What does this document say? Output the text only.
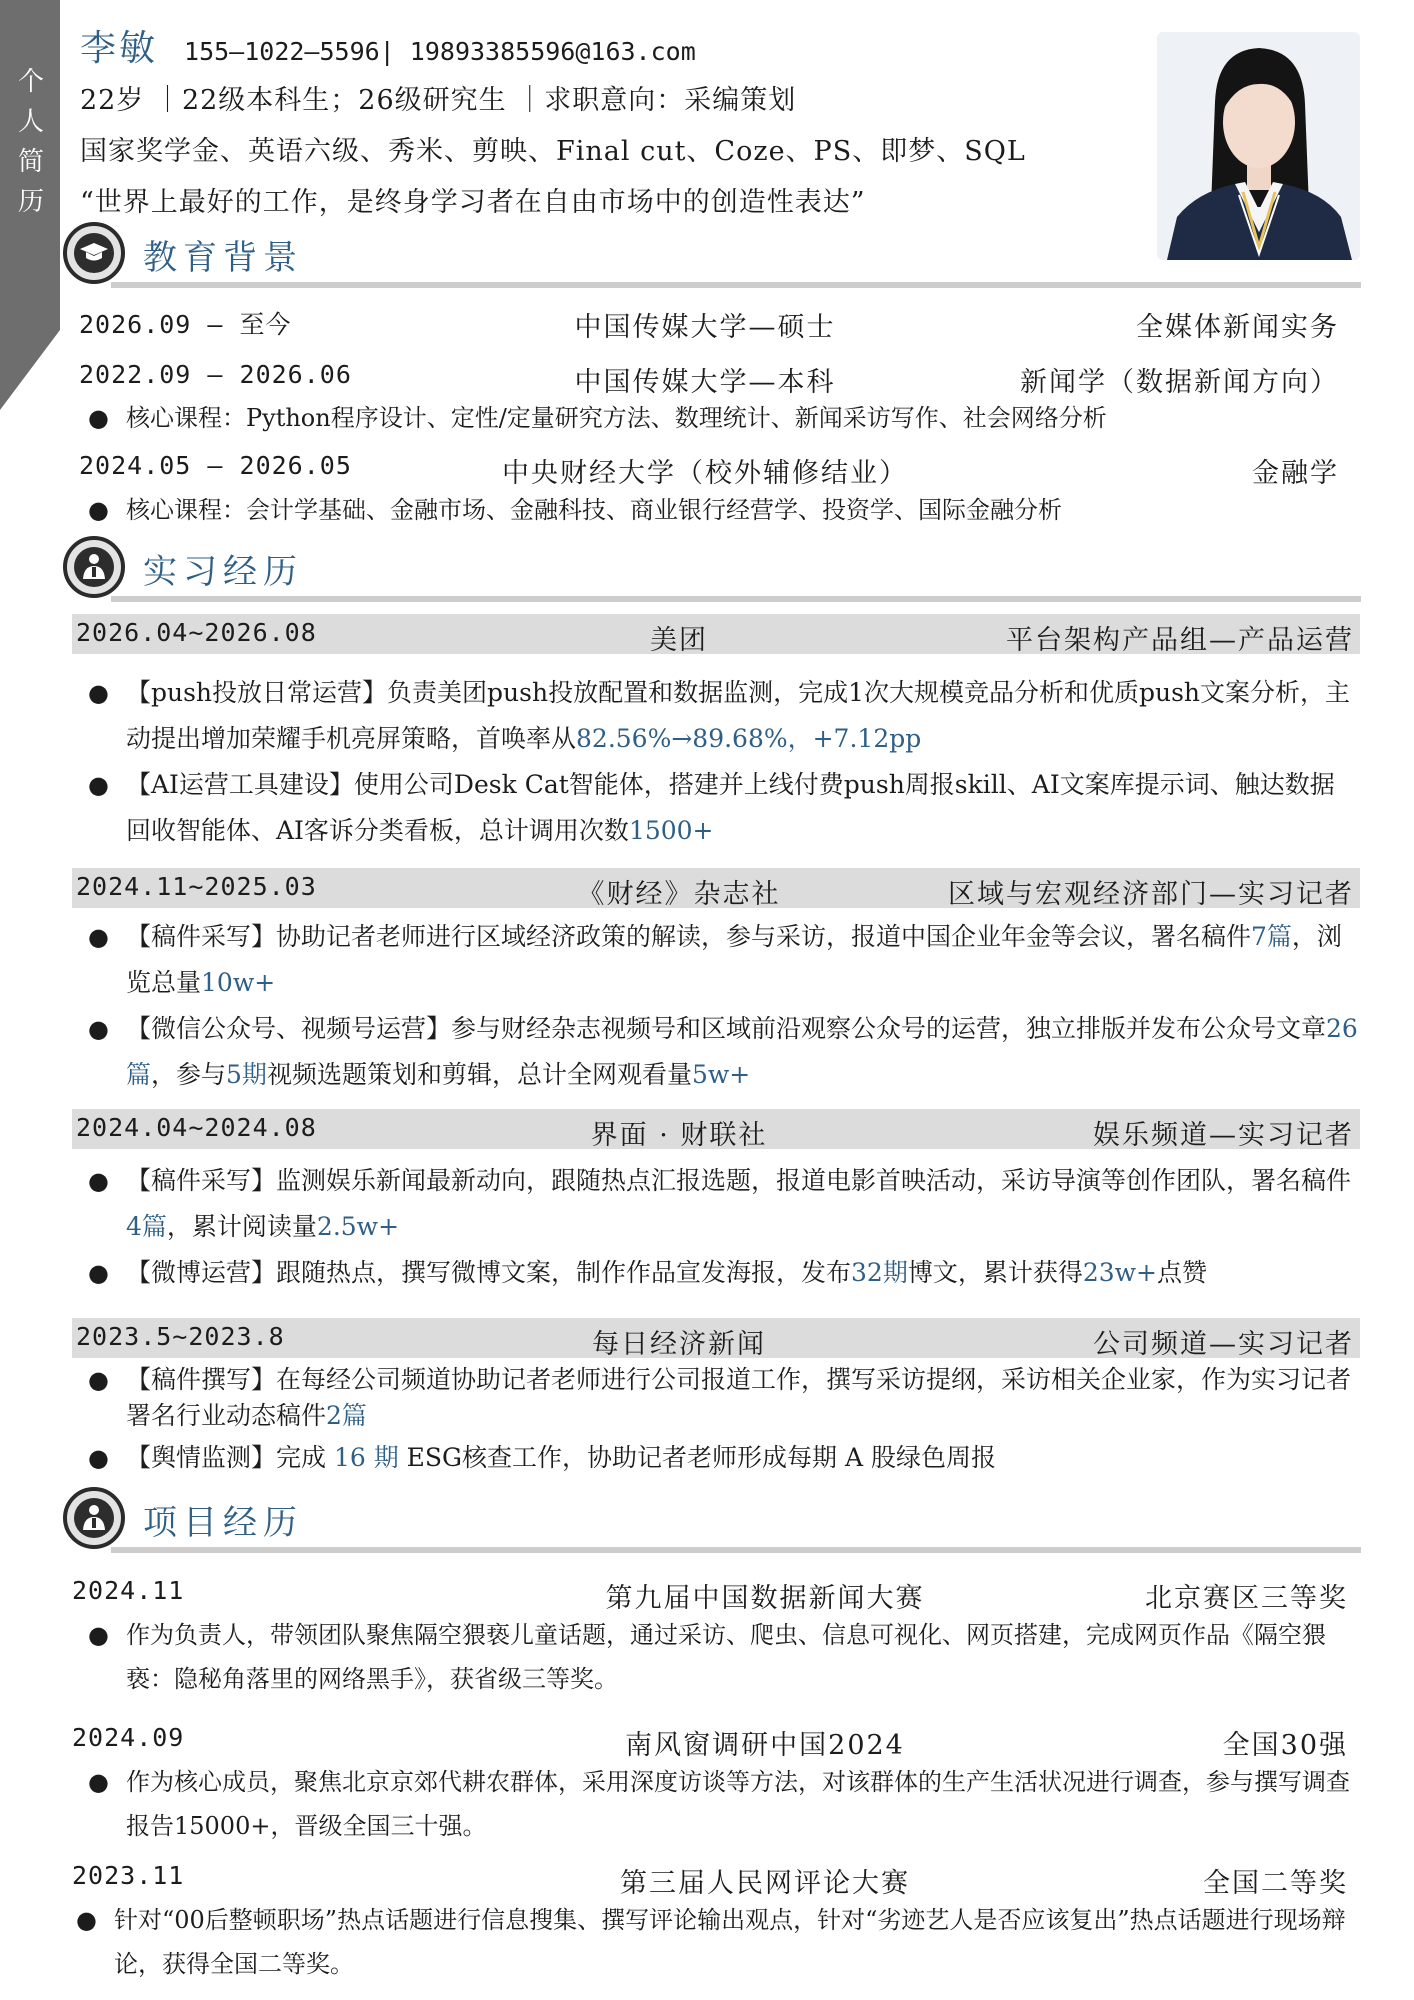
个人简历
李敏 155–1022–5596| 19893385596@163.com
22岁 ｜22级本科生；26级研究生 ｜求职意向：采编策划
国家奖学金、英语六级、秀米、剪映、Final cut、Coze、PS、即梦、SQL
“世界上最好的工作，是终身学习者在自由市场中的创造性表达”
教育背景
2026.09 — 至今	中国传媒大学—硕士	全媒体新闻实务
2022.09 — 2026.06	中国传媒大学—本科	新闻学（数据新闻方向）
● 核心课程：Python程序设计、定性/定量研究方法、数理统计、新闻采访写作、社会网络分析
2024.05 — 2026.05	中央财经大学（校外辅修结业）	金融学
● 核心课程：会计学基础、金融市场、金融科技、商业银行经营学、投资学、国际金融分析
实习经历
2026.04~2026.08	美团	平台架构产品组—产品运营
● 【push投放日常运营】负责美团push投放配置和数据监测，完成1次大规模竞品分析和优质push文案分析，主动提出增加荣耀手机亮屏策略，首唤率从82.56%→89.68%，+7.12pp
● 【AI运营工具建设】使用公司Desk Cat智能体，搭建并上线付费push周报skill、AI文案库提示词、触达数据回收智能体、AI客诉分类看板，总计调用次数1500+
2024.11~2025.03	《财经》杂志社	区域与宏观经济部门—实习记者
● 【稿件采写】协助记者老师进行区域经济政策的解读，参与采访，报道中国企业年金等会议，署名稿件7篇，浏览总量10w+
● 【微信公众号、视频号运营】参与财经杂志视频号和区域前沿观察公众号的运营，独立排版并发布公众号文章26篇，参与5期视频选题策划和剪辑，总计全网观看量5w+
2024.04~2024.08	界面 · 财联社	娱乐频道—实习记者
● 【稿件采写】监测娱乐新闻最新动向，跟随热点汇报选题，报道电影首映活动，采访导演等创作团队，署名稿件4篇，累计阅读量2.5w+
● 【微博运营】跟随热点，撰写微博文案，制作作品宣发海报，发布32期博文，累计获得23w+点赞
2023.5~2023.8	每日经济新闻	公司频道—实习记者
● 【稿件撰写】在每经公司频道协助记者老师进行公司报道工作，撰写采访提纲，采访相关企业家，作为实习记者署名行业动态稿件2篇
● 【舆情监测】完成 16 期 ESG核查工作，协助记者老师形成每期 A 股绿色周报
项目经历
2024.11	第九届中国数据新闻大赛	北京赛区三等奖
● 作为负责人，带领团队聚焦隔空猥亵儿童话题，通过采访、爬虫、信息可视化、网页搭建，完成网页作品《隔空猥亵：隐秘角落里的网络黑手》，获省级三等奖。
2024.09	南风窗调研中国2024	全国30强
● 作为核心成员，聚焦北京京郊代耕农群体，采用深度访谈等方法，对该群体的生产生活状况进行调查，参与撰写调查报告15000+，晋级全国三十强。
2023.11	第三届人民网评论大赛	全国二等奖
● 针对“00后整顿职场”热点话题进行信息搜集、撰写评论输出观点，针对“劣迹艺人是否应该复出”热点话题进行现场辩论，获得全国二等奖。
